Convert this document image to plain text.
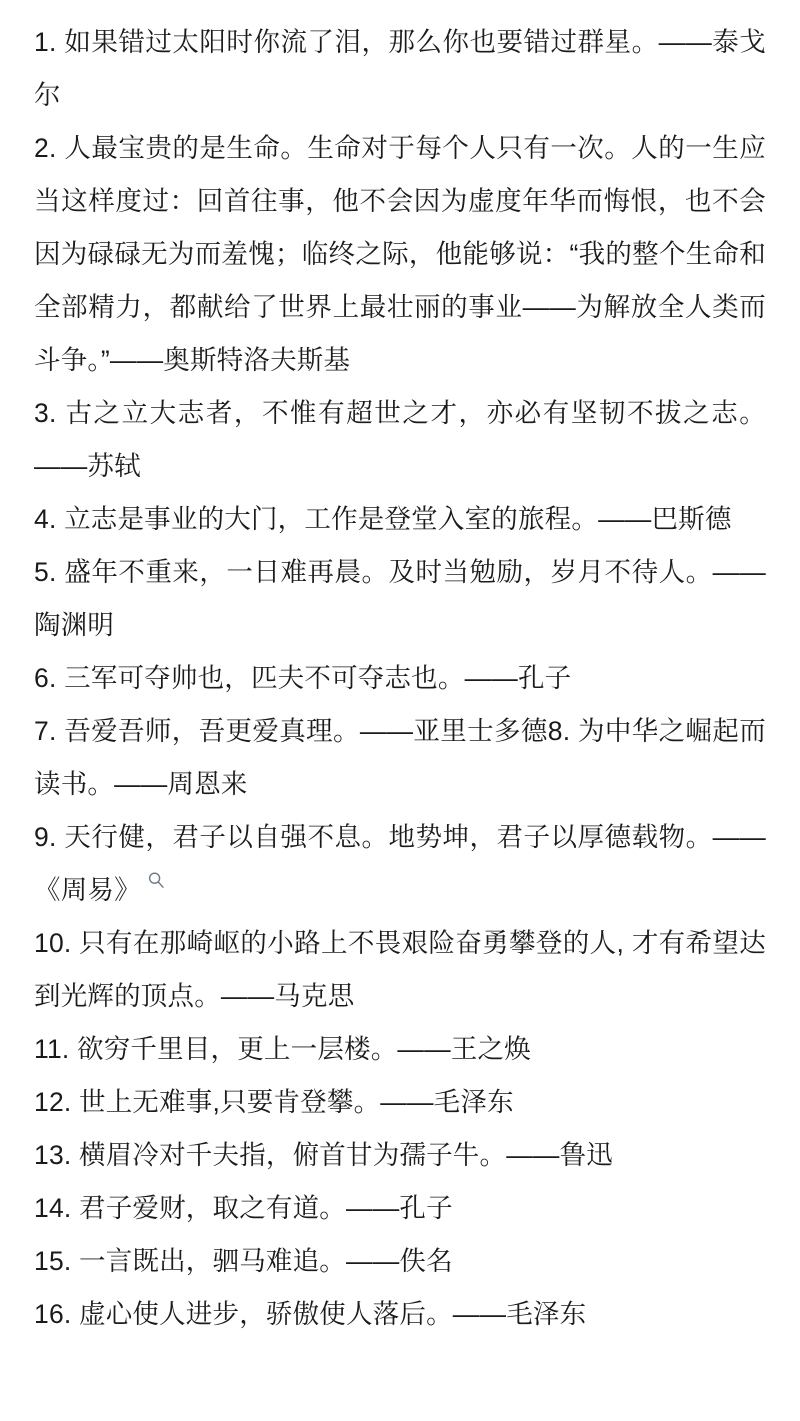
1. 如果错过太阳时你流了泪，那么你也要错过群星。——泰戈尔

2. 人最宝贵的是生命。生命对于每个人只有一次。人的一生应当这样度过：回首往事，他不会因为虚度年华而悔恨，也不会因为碌碌无为而羞愧；临终之际，他能够说：“我的整个生命和全部精力，都献给了世界上最壮丽的事业——为解放全人类而斗争。”——奥斯特洛夫斯基

3. 古之立大志者，不惟有超世之才，亦必有坚韧不拔之志。——苏轼

4. 立志是事业的大门，工作是登堂入室的旅程。——巴斯德

5. 盛年不重来，一日难再晨。及时当勉励，岁月不待人。——陶渊明

6. 三军可夺帅也，匹夫不可夺志也。——孔子

7. 吾爱吾师，吾更爱真理。——亚里士多德8. 为中华之崛起而读书。——周恩来

9. 天行健，君子以自强不息。地势坤，君子以厚德载物。——《周易》

10. 只有在那崎岖的小路上不畏艰险奋勇攀登的人, 才有希望达到光辉的顶点。——马克思

11. 欲穷千里目，更上一层楼。——王之焕

12. 世上无难事,只要肯登攀。——毛泽东

13. 横眉冷对千夫指，俯首甘为孺子牛。——鲁迅

14. 君子爱财，取之有道。——孔子

15. 一言既出，驷马难追。——佚名

16. 虚心使人进步，骄傲使人落后。——毛泽东
